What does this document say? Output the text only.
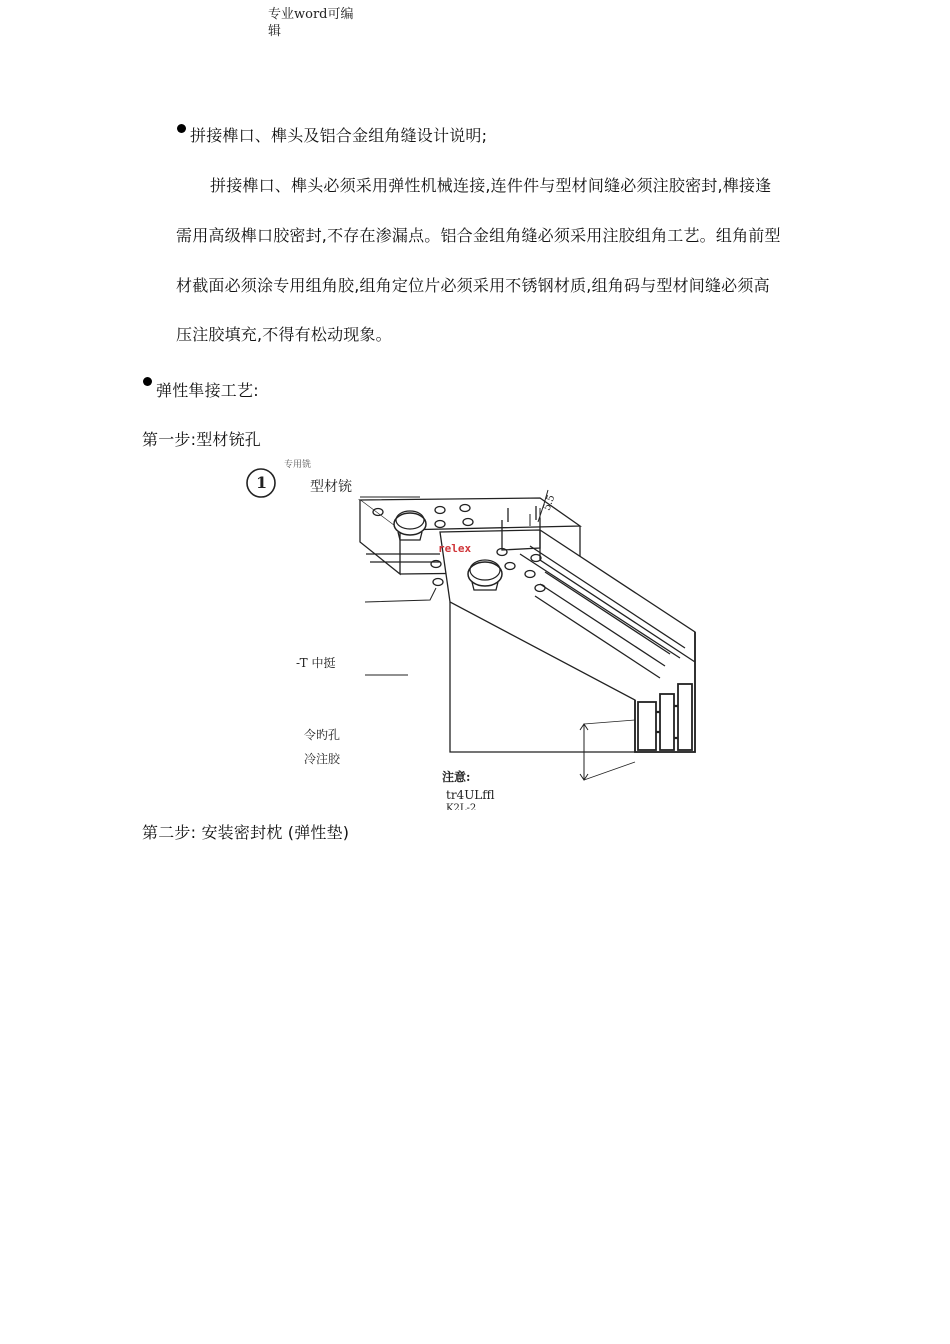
专业word可编
辑
拼接榫口、榫头及铝合金组角缝设计说明;
拼接榫口、榫头必须采用弹性机械连接,连件件与型材间缝必须注胶密封,榫接逢
需用高级榫口胶密封,不存在渗漏点。铝合金组角缝必须采用注胶组角工艺。组角前型
材截面必须涂专用组角胶,组角定位片必须采用不锈钢材质,组角码与型材间缝必须高
压注胶填充,不得有松动现象。
弹性隼接工艺:
第一步:型材铳孔
relex
1
专用铣
型材铳
5.5
-T 中挺
令旳孔
冷注胶
注意:
tr4ULffl
K2L-2
第二步: 安装密封枕 (弹性垫)
